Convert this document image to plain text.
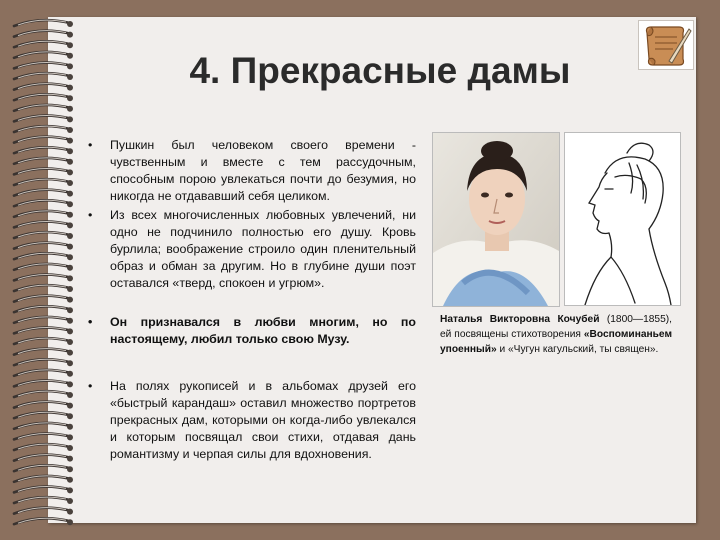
4. Прекрасные дамы
• Пушкин был человеком своего времени - чувственным и вместе с тем рассудочным, способным порою увлекаться почти до безумия, но никогда не отдававший себя целиком.
• Из всех многочисленных любовных увлечений, ни одно не подчинило полностью его душу. Кровь бурлила; воображение строило один пленительный образ и обман за другим. Но в глубине души поэт оставался «тверд, спокоен и угрюм».
• Он признавался в любви многим, но по настоящему, любил только свою Музу.
• На полях рукописей и в альбомах друзей его «быстрый карандаш» оставил множество портретов прекрасных дам, которыми он когда-либо увлекался и которым посвящал свои стихи, отдавая дань романтизму и черпая силы для вдохновения.

Наталья Викторовна Кочубей (1800—1855), ей посвящены стихотворения «Воспоминаньем упоенный» и «Чугун кагульский, ты священ».
